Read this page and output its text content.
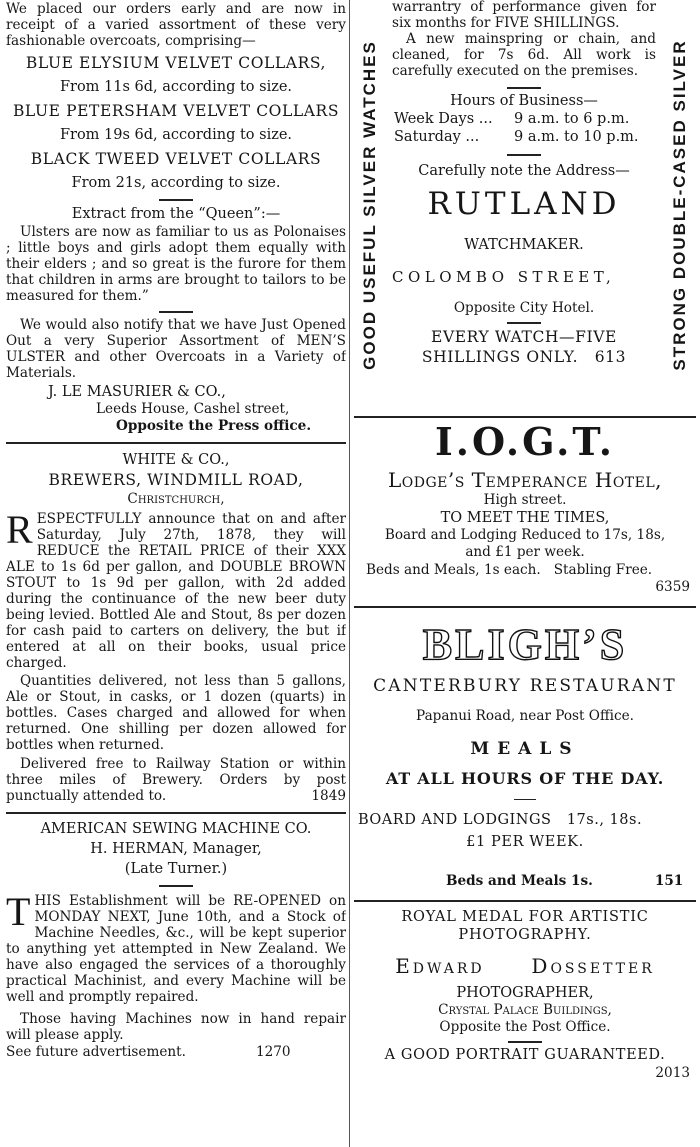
We placed our orders early and are now in receipt of a varied assortment of these very fashionable overcoats, comprising—

BLUE ELYSIUM VELVET COLLARS,

From 11s 6d, according to size.

BLUE PETERSHAM VELVET COLLARS

From 19s 6d, according to size.

BLACK TWEED VELVET COLLARS

From 21s, according to size.

Extract from the “Queen”:—

Ulsters are now as familiar to us as Polonaises ; little boys and girls adopt them equally with their elders ; and so great is the furore for them that children in arms are brought to tailors to be measured for them.”

We would also notify that we have Just Opened Out a very Superior Assortment of MEN’S ULSTER and other Overcoats in a Variety of Materials.

J. LE MASURIER & CO.,

Leeds House, Cashel street,

Opposite the Press office.

WHITE & CO.,

BREWERS, WINDMILL ROAD,

Christchurch,

RESPECTFULLY announce that on and after Saturday, July 27th, 1878, they will REDUCE the RETAIL PRICE of their XXX ALE to 1s 6d per gallon, and DOUBLE BROWN STOUT to 1s 9d per gallon, with 2d added during the continuance of the new beer duty being levied. Bottled Ale and Stout, 8s per dozen for cash paid to carters on delivery, the but if entered at all on their books, usual price charged.

Quantities delivered, not less than 5 gallons, Ale or Stout, in casks, or 1 dozen (quarts) in bottles. Cases charged and allowed for when returned. One shilling per dozen allowed for bottles when returned.

Delivered free to Railway Station or within three miles of Brewery. Orders by post punctually attended to.	1849

AMERICAN SEWING MACHINE CO.

H. HERMAN, Manager,

(Late Turner.)

THIS Establishment will be RE-OPENED on MONDAY NEXT, June 10th, and a Stock of Machine Needles, &c., will be kept superior to anything yet attempted in New Zealand. We have also engaged the services of a thoroughly practical Machinist, and every Machine will be well and promptly repaired.

Those having Machines now in hand repair will please apply.

See future advertisement.	1270

GOOD USEFUL SILVER WATCHES	STRONG DOUBLE-CASED SILVER

warrantry of performance given for six months for FIVE SHILLINGS.

A new mainspring or chain, and cleaned, for 7s 6d. All work is carefully executed on the premises.

Hours of Business—

Week Days ... 9 a.m. to 6 p.m.

Saturday ... 9 a.m. to 10 p.m.

Carefully note the Address—

RUTLAND

WATCHMAKER.

COLOMBO STREET,

Opposite City Hotel.

EVERY WATCH—FIVE

SHILLINGS ONLY. 613

I.O.G.T.

Lodge’s Temperance Hotel,

High street.

TO MEET THE TIMES,

Board and Lodging Reduced to 17s, 18s,

and £1 per week.

Beds and Meals, 1s each. Stabling Free.

6359

BLIGH’S

CANTERBURY RESTAURANT

Papanui Road, near Post Office.

MEALS

AT ALL HOURS OF THE DAY.

BOARD AND LODGINGS 17s., 18s.

£1 PER WEEK.

Beds and Meals 1s.	151

ROYAL MEDAL FOR ARTISTIC PHOTOGRAPHY.

Edward Dossetter

PHOTOGRAPHER,

Crystal Palace Buildings,

Opposite the Post Office.

A GOOD PORTRAIT GUARANTEED.

2013
